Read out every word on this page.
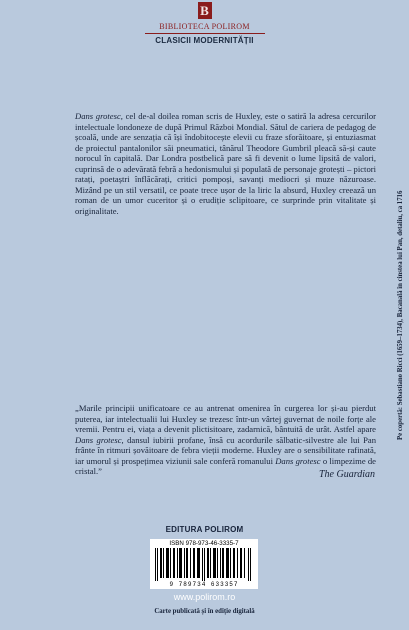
B
BIBLIOTECA POLIROM
CLASICII MODERNITĂȚII
Dans grotesc, cel de-al doilea roman scris de Huxley, este o satiră la adresa cercurilor intelectuale londoneze de după Primul Război Mondial. Sătul de cariera de pedagog de școală, unde are senzația că își îndobitocește elevii cu fraze sforăitoare, și entuziasmat de proiectul pantalonilor săi pneumatici, tânărul Theodore Gumbril pleacă să-și caute norocul în capitală. Dar Londra postbelică pare să fi devenit o lume lipsită de valori, cuprinsă de o adevărată febră a hedonismului și populată de personaje grotești – pictori ratați, poetaștri înflăcărați, critici pompoși, savanți mediocri și muze năzuroase. Mizând pe un stil versatil, ce poate trece ușor de la liric la absurd, Huxley creează un roman de un umor cuceritor și o erudiție sclipitoare, ce surprinde prin vitalitate și originalitate.
„Marile principii unificatoare ce au antrenat omenirea în curgerea lor și-au pierdut puterea, iar intelectualii lui Huxley se trezesc într-un vârtej guvernat de noile forțe ale vremii. Pentru ei, viața a devenit plictisitoare, zadarnică, bântuită de urât. Astfel apare Dans grotesc, dansul iubirii profane, însă cu acordurile sălbatic-silvestre ale lui Pan frânte în ritmuri șovăitoare de febra vieții moderne. Huxley are o sensibilitate rafinată, iar umorul și prospețimea viziunii sale conferă romanului Dans grotesc o limpezime de cristal.”	The Guardian
Pe copertă: Sebastiano Ricci (1659–1734), Bacanală în cinstea lui Pan, detaliu, ca 1716
EDITURA POLIROM
ISBN 978-973-46-3335-7
9 789734 633357
www.polirom.ro
Carte publicată și în ediție digitală
